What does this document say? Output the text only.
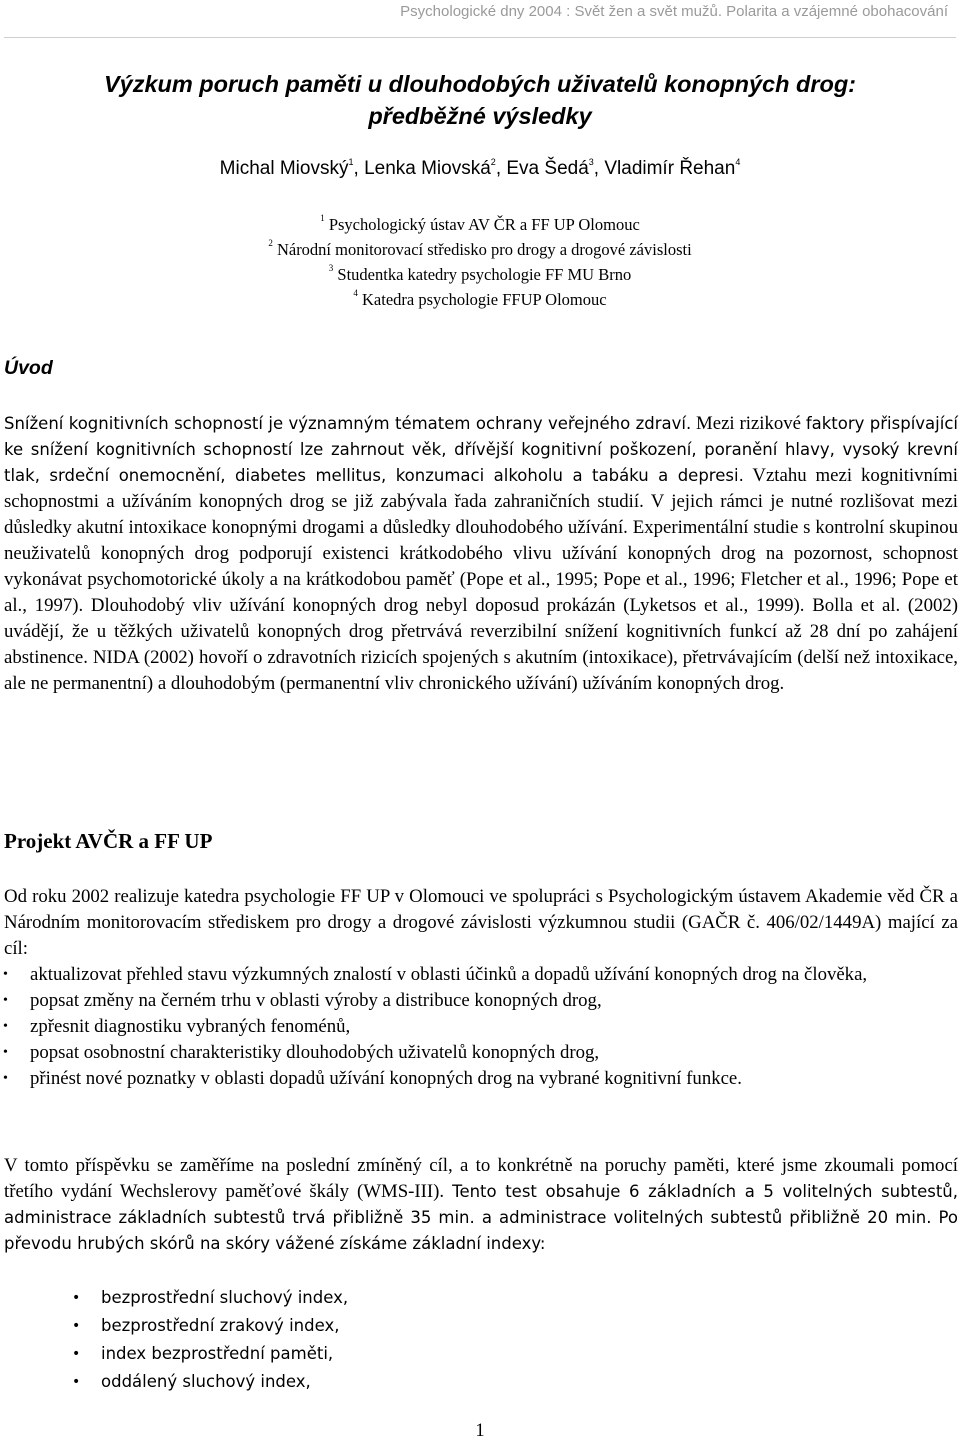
Psychologické dny 2004 : Svět žen a svět mužů. Polarita a vzájemné obohacování
Výzkum poruch paměti u dlouhodobých uživatelů konopných drog:
předběžné výsledky
Michal Miovský$^1$, Lenka Miovská$^2$, Eva Šedá$^3$, Vladimír Řehan$^4$
$^1$ Psychologický ústav AV ČR a FF UP Olomouc
$^2$ Národní monitorovací středisko pro drogy a drogové závislosti
$^3$ Studentka katedry psychologie FF MU Brno
$^4$ Katedra psychologie FFUP Olomouc
Úvod

Snížení kognitivních schopností je významným tématem ochrany veřejného zdraví. Mezi rizikové faktory přispívající ke snížení kognitivních schopností lze zahrnout věk, dřívější kognitivní poškození, poranění hlavy, vysoký krevní tlak, srdeční onemocnění, diabetes mellitus, konzumaci alkoholu a tabáku a depresi. Vztahu mezi kognitivními schopnostmi a užíváním konopných drog se již zabývala řada zahraničních studií. V jejich rámci je nutné rozlišovat mezi důsledky akutní intoxikace konopnými drogami a důsledky dlouhodobého užívání. Experimentální studie s kontrolní skupinou neuživatelů konopných drog podporují existenci krátkodobého vlivu užívání konopných drog na pozornost, schopnost vykonávat psychomotorické úkoly a na krátkodobou paměť (Pope et al., 1995; Pope et al., 1996; Fletcher et al., 1996; Pope et al., 1997). Dlouhodobý vliv užívání konopných drog nebyl doposud prokázán (Lyketsos et al., 1999). Bolla et al. (2002) uvádějí, že u těžkých uživatelů konopných drog přetrvává reverzibilní snížení kognitivních funkcí až 28 dní po zahájení abstinence. NIDA (2002) hovoří o zdravotních rizicích spojených s akutním (intoxikace), přetrvávajícím (delší než intoxikace, ale ne permanentní) a dlouhodobým (permanentní vliv chronického užívání) užíváním konopných drog.

Projekt AVČR a FF UP

Od roku 2002 realizuje katedra psychologie FF UP v Olomouci ve spolupráci s Psychologickým ústavem Akademie věd ČR a Národním monitorovacím střediskem pro drogy a drogové závislosti výzkumnou studii (GAČR č. 406/02/1449A) mající za cíl:

• aktualizovat přehled stavu výzkumných znalostí v oblasti účinků a dopadů užívání konopných drog na člověka,
• popsat změny na černém trhu v oblasti výroby a distribuce konopných drog,
• zpřesnit diagnostiku vybraných fenoménů,
• popsat osobnostní charakteristiky dlouhodobých uživatelů konopných drog,
• přinést nové poznatky v oblasti dopadů užívání konopných drog na vybrané kognitivní funkce.

V tomto příspěvku se zaměříme na poslední zmíněný cíl, a to konkrétně na poruchy paměti, které jsme zkoumali pomocí třetího vydání Wechslerovy paměťové škály (WMS-III). Tento test obsahuje 6 základních a 5 volitelných subtestů, administrace základních subtestů trvá přibližně 35 min. a administrace volitelných subtestů přibližně 20 min. Po převodu hrubých skórů na skóry vážené získáme základní indexy:

• bezprostřední sluchový index,
• bezprostřední zrakový index,
• index bezprostřední paměti,
• oddálený sluchový index,
1
